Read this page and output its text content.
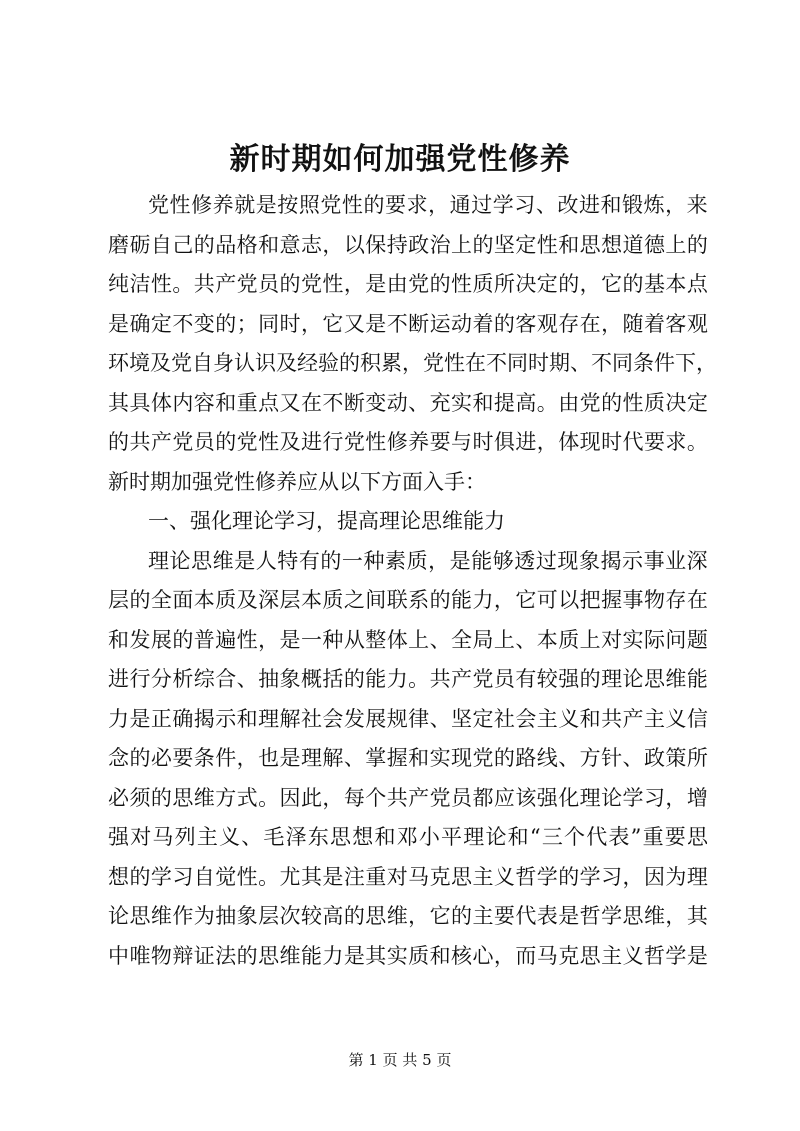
新时期如何加强党性修养
党 性 修 养 就 是 按 照 党 性 的 要 求 ， 通 过 学 习 、 改 进 和 锻 炼 ， 来
磨 砺 自 己 的 品 格 和 意 志 ， 以 保 持 政 治 上 的 坚 定 性 和 思 想 道 德 上 的
纯 洁 性 。 共 产 党 员 的 党 性 ， 是 由 党 的 性 质 所 决 定 的 ， 它 的 基 本 点
是 确 定 不 变 的 ； 同 时 ， 它 又 是 不 断 运 动 着 的 客 观 存 在 ， 随 着 客 观
环 境 及 党 自 身 认 识 及 经 验 的 积 累 ， 党 性 在 不 同 时 期 、 不 同 条 件 下 ，
其 具 体 内 容 和 重 点 又 在 不 断 变 动 、 充 实 和 提 高 。 由 党 的 性 质 决 定
的 共 产 党 员 的 党 性 及 进 行 党 性 修 养 要 与 时 俱 进 ， 体 现 时 代 要 求 。
新时期加强党性修养应从以下方面入手：
一、强化理论学习，提高理论思维能力
理 论 思 维 是 人 特 有 的 一 种 素 质 ， 是 能 够 透 过 现 象 揭 示 事 业 深
层 的 全 面 本 质 及 深 层 本 质 之 间 联 系 的 能 力 ， 它 可 以 把 握 事 物 存 在
和 发 展 的 普 遍 性 ， 是 一 种 从 整 体 上 、 全 局 上 、 本 质 上 对 实 际 问 题
进 行 分 析 综 合 、 抽 象 概 括 的 能 力 。 共 产 党 员 有 较 强 的 理 论 思 维 能
力 是 正 确 揭 示 和 理 解 社 会 发 展 规 律 、 坚 定 社 会 主 义 和 共 产 主 义 信
念 的 必 要 条 件 ， 也 是 理 解 、 掌 握 和 实 现 党 的 路 线 、 方 针 、 政 策 所
必 须 的 思 维 方 式 。 因 此 ， 每 个 共 产 党 员 都 应 该 强 化 理 论 学 习 ， 增
强 对 马 列 主 义 、 毛 泽 东 思 想 和 邓 小 平 理 论 和 “ 三 个 代 表 ” 重 要 思
想 的 学 习 自 觉 性 。 尤 其 是 注 重 对 马 克 思 主 义 哲 学 的 学 习 ， 因 为 理
论 思 维 作 为 抽 象 层 次 较 高 的 思 维 ， 它 的 主 要 代 表 是 哲 学 思 维 ， 其
中 唯 物 辩 证 法 的 思 维 能 力 是 其 实 质 和 核 心 ， 而 马 克 思 主 义 哲 学 是
第 1 页 共 5 页
